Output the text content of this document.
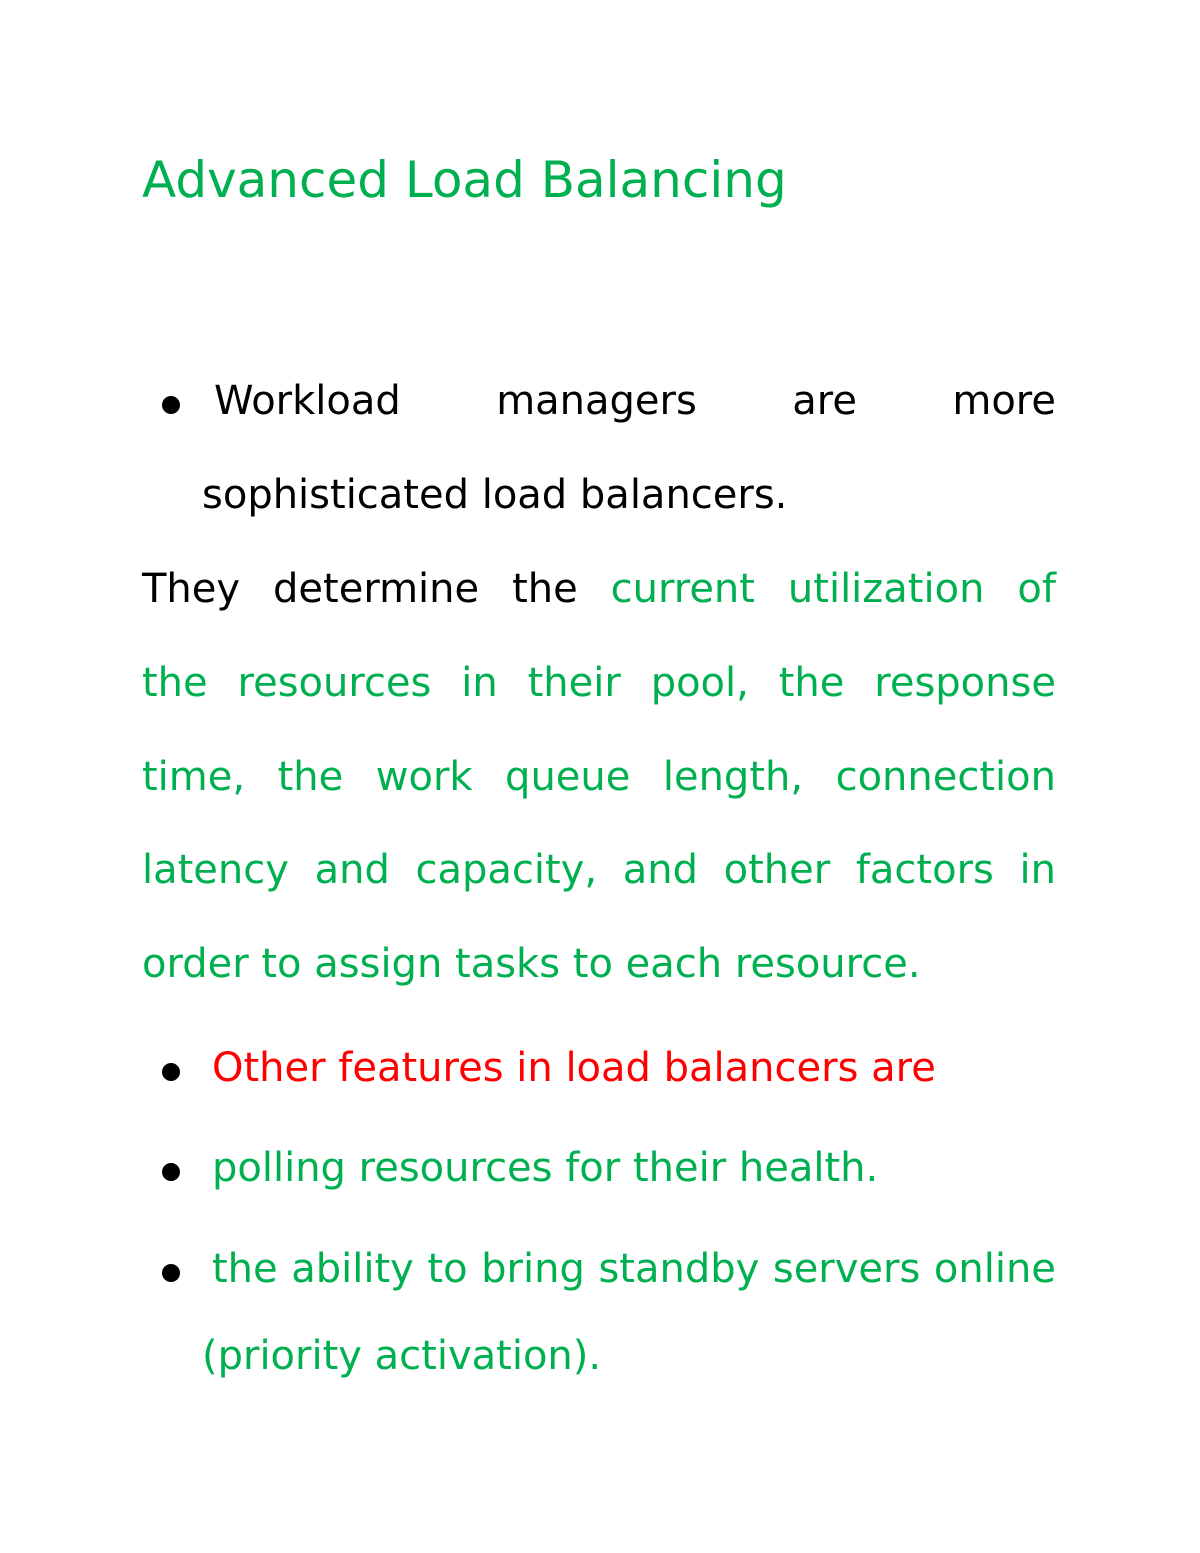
Advanced Load Balancing
Workload managers are more
sophisticated load balancers.
They determine the current utilization of
the resources in their pool, the response
time, the work queue length, connection
latency and capacity, and other factors in
order to assign tasks to each resource.
Other features in load balancers are
polling resources for their health.
the ability to bring standby servers online
(priority activation).
